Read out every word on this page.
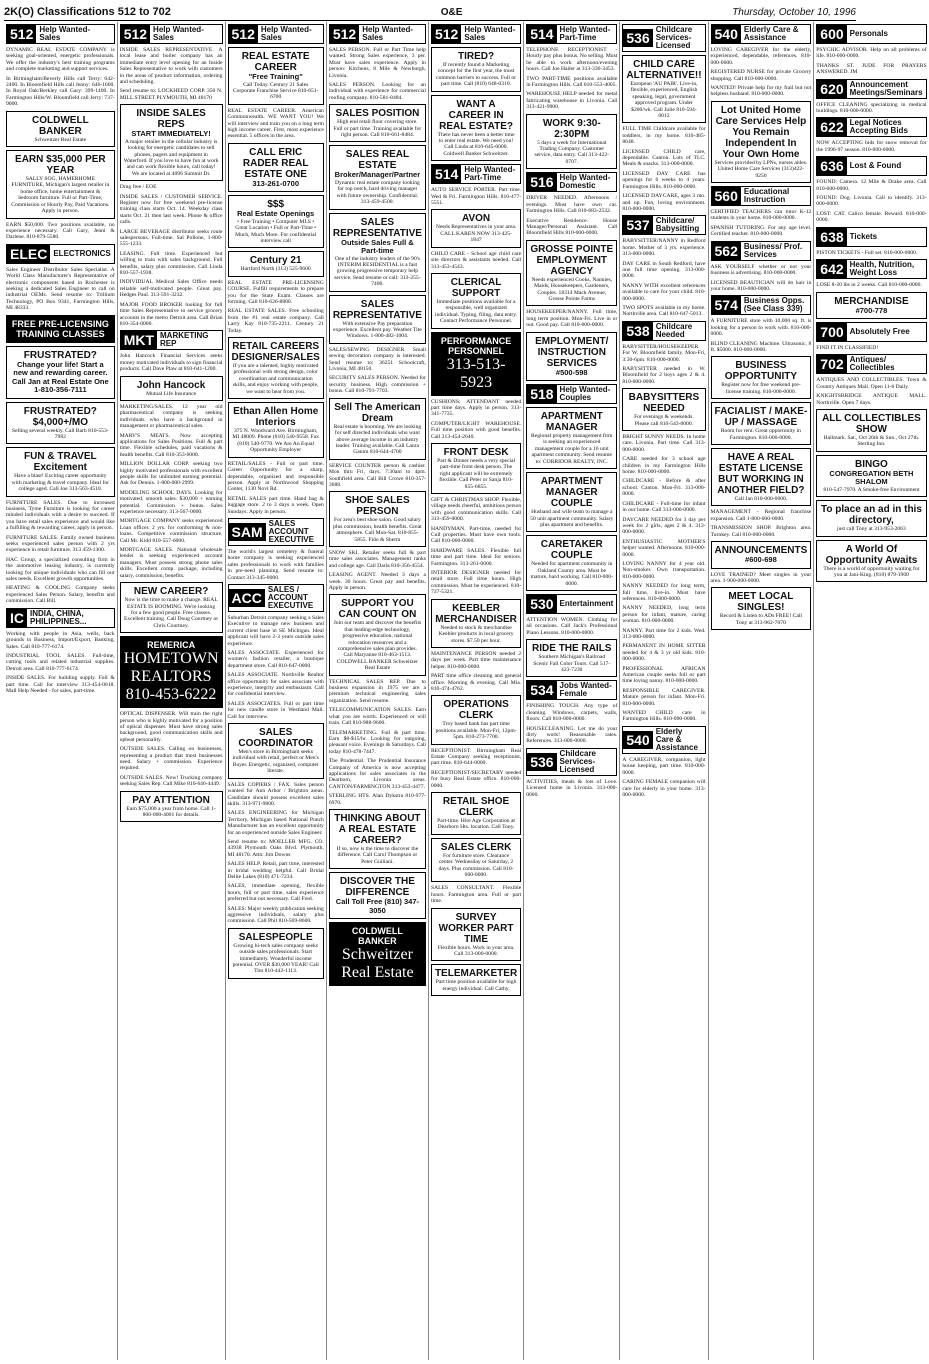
2K(O) Classifications 512 to 702	O&E	Thursday, October 10, 1996
512 Help Wanted-Sales

DYNAMIC REAL ESTATE COMPANY is seeking goal-oriented, energetic professionals. We offer the industry's best training programs and complete marketing and support services.

In Birmingham/Beverly Hills call Terry: 642-2400. In Bloomfield Hills call Jenny: 646-1600. In Royal Oak/Berkley call Gary: 399-1400. In Farmington Hills/W. Bloomfield call Jerry: 737-9000.

COLDWELL BANKER
Schweitzer Real Estate
EARN $35,000 PER YEAR
SALLY SOG, HAMERHOME FURNITURE, Michigan's largest retailer in home office, home entertainment & bedroom furniture. Full or Part-Time, Commission or Hourly Pay, Paid Vacations. Apply in person.

EARN $50,000. Two positions available, no experience necessary. Call Gary, Jenni & Darlene. 810-879-5580.

ELEC ELECTRONICS

Sales Engineer Distributor Sales Specialist. A World Class Manufacturer's Representative of electronic components based in Rochester is seeking a dedicated Sales Engineer to call on industrial OEMs. Send resume to: Trillium Technology, PO Box 9341, Farmington Hills, MI 48333.

FREE PRE-LICENSING TRAINING CLASSES
FRUSTRATED?
Change your life! Start a new and rewarding career. Call Jan at Real Estate One 1-810-356-7111
FRUSTRATED? $4,000+/MO
Selling several weekly. Call Barb 810-553-7982
FUN & TRAVEL Excitement
Have a blast! Exciting career opportunity with marketing & travel company. Ideal for college aged. Call Joe 313-563-4510.

FURNITURE SALES. Due to increased business, Tyme Furniture is looking for career minded individuals with a desire to succeed. If you have retail sales experience and would like a fulfilling & rewarding career, apply in person.

FURNITURE SALES. Family owned business seeks experienced sales person with 2 yrs experience in retail furniture. 313 459-1300.

HAC Group, a specialized consulting firm in the automotive leasing industry, is currently looking for unique individuals who can fill our sales needs. Excellent growth opportunities.

HEATING & COOLING Company seeks experienced Sales Person. Salary, benefits and commission. Call Bill.

IC INDIA, CHINA, PHILIPPINES...

Working with people in Asia, wells, back grounds in Business, Import/Export, Banking, Sales. Call 810-777-6174.

INDUSTRIAL TOOL SALES. Full-time, cutting tools and related industrial supplies. Detroit area. Call 810-777-6174.

INSIDE SALES. For building supply. Full & part time. Call for interview 313-454-0018. Mall Help Needed - for sales, part-time.

512 Help Wanted-Sales

INSIDE SALES REPRESENTATIVE. A local lease and boiler company has an immediate entry level opening for an Inside Sales Representative to work with customers in the areas of product information, ordering and scheduling.

Send resume to: LOCKHEED CORP. 350 N. MILL STREET PLYMOUTH, MI 48170

INSIDE SALES REPS
START IMMEDIATELY!
A major retailer in the cellular industry is looking for energetic candidates to sell phones, pagers and equipment in Waterford. If you love to have fun at work and can work flexible hours, call today! We are located at 4096 Summit Dr.

Drug free / EOE

INSIDE SALES / CUSTOMER SERVICE. Register now for free weekend pre-license training class starts Oct. 14. Weekday class starts Oct. 21 then last week. Phone & office calls.

LARGE BEVERAGE distributor seeks route salespersons. Full-time. Sal Pollone, 1-800-555-1233.

LEASING. Full time. Experienced but willing to train with sales background. Full benefits, salary plus commission. Call Linda 810-557-1938.

INDIVIDUAL Medical Sales Office needs reliable self-motivated people. Great pay. Hedges Paul. 313-591-3232.

MAJOR FOOD BROKER looking for full time Sales Representative to service grocery accounts in the metro Detroit area. Call Brian 810-354-0000.

MKT MARKETING REP

John Hancock Financial Services seeks money motivated individuals to sign financial products. Call Dave Plaw at 810-641-1200.

John Hancock
Mutual Life Insurance

MARKETING/SALES. 12 year old pharmaceutical company is seeking individuals who have a background in management or pharmaceutical sales.

MARV'S MEATS. Now accepting applications for Sales Positions. Full & part time. Flexible schedules, paid vacations & health benefits. Call 810-353-6000.

MILLION DOLLAR CORP. seeking two highly motivated professionals with excellent people skills for unlimited earning potential. Ask for Dennis. 1-800-000-2999.

MODELING SCHOOL DAYS. Looking for motivated, smooth sales. $30,000 + earning potential. Commission + bonus. Sales experience necessary. 313-567-0000.

MORTGAGE COMPANY seeks experienced Loan officer. 2 yrs. for conforming & non-loans. Competitive commission structure. Call Mr. Kidd 810-557-6000.

MORTGAGE SALES. National wholesale lender is seeking experienced account managers. Must possess strong phone sales skills. Excellent comp. package, including salary, commission, benefits.

NEW CAREER?
Now is the time to make a change. REAL ESTATE IS BOOMING. We're looking for a few good people. Free classes. Excellent training. Call Doug Courtney or Chris Courtney.
REMERICA
HOMETOWN REALTORS 810-453-6222

OPTICAL DISPENSER. Will train the right person who is highly motivated for a position of optical dispenser. Must have strong sales background, good communication skills and upbeat personality.

OUTSIDE SALES. Calling on businesses, representing a product that most businesses need. Salary + commission. Experience required.

OUTSIDE SALES. Now! Trucking company seeking Sales Rep. Call Mike 810-646-4449.

PAY ATTENTION
Earn $75,000 a year from home. Call 1-800-000-4001 for details.
512 Help Wanted-Sales
REAL ESTATE CAREER
"Free Training"
Call Today. Century 21 Sales Corporate Franchise Service 810-651-6700

REAL ESTATE CAREER. American Commonwealth. WE WANT YOU! We will interview and train you on a long term high income career. First, most experience essential. 5 offices in the area.

CALL ERIC RADER REAL ESTATE ONE
313-261-0700
$$$
Real Estate Openings
• Free Training • Computer MLS • Great Location • Full or Part-Time • Much, Much More. For confidential interview call
Century 21
Hartford North (313) 525-9600

REAL ESTATE PRE-LICENSING COURSE. Fulfill requirements to prepare you for the State Exam. Classes are forming. Call 810-626-8800.

REAL ESTATE SALES. Free schooling from the #1 real estate company. Call Larry Kay 810-735-2211. Century 21 Today.

RETAIL CAREERS DESIGNER/SALES
If you are a talented, highly motivated professional with strong design, color coordination and communication skills, and enjoy working with people, we want to hear from you.
Ethan Allen Home Interiors
375 N. Woodward Ave. Birmingham, MI 48009. Phone (810) 540-9558. Fax (810) 540-9770. We Are An Equal Opportunity Employer

RETAIL/SALES - Full or part time. Career Opportunity for a sharp, dependable, organized and responsible person. Apply at Northwood Shopping Center, 1130 Novi Rd.

RETAIL SALES part time. Hand bag & luggage store. 2 to 3 days a week. Open Sundays. Apply in person.

SAM
SALES ACCOUNT EXECUTIVE

The world's largest cemetery & funeral home company is seeking experienced sales professionals to work with families in pre-need planning. Send resume to: Contact 313-345-0000.

ACC
SALES / ACCOUNT EXECUTIVE

Suburban Detroit company seeking a Sales Executive to manage new business and current client base in SE Michigan. Ideal applicant will have 2-3 years outside sales experience.

SALES ASSOCIATE. Experienced for women's fashion retailer, a boutique department store. Call 810-647-0000.

SALES ASSOCIATE. Northville Realtor office opportunity for sales associate with experience, integrity and enthusiasm. Call for confidential interview.

SALES ASSOCIATES. Full or part time for new candle store in Westland Mall. Call for interview.

SALES COORDINATOR
Men's store in Birmingham seeks individual with retail, perfect or Men's Buyer. Energetic, organized, computer literate.

SALES COPIERS / FAX. Sales person wanted for Ann Arbor / Brighton areas. Candidate should possess excellent sales skills. 313-971-9800.

SALES ENGINEERING for Michigan Territory. Michigan based National Punch Manufacturer has an excellent opportunity for an experienced outside Sales Engineer.

Send resume to: MOELLER MFG. CO. 43938 Plymouth Oaks Blvd. Plymouth, MI 48170. Attn: Jim Downs

SALES HELP. Retail, part time, interested in bridal wedding helpful. Call Bridal Delite Lakes (810) 471-7234.

SALES, immediate opening, flexible hours, full or part time, sales experience preferred but not necessary. Call Fred.

SALES: Major weekly publication seeking aggressive individuals, salary plus commission. Call Phil 810-569-8600.

SALESPEOPLE
Growing hi-tech sales company seeks outside sales professionals. Start immediately. Wonderful income potential. OVER $30,000 YEAR! Call Tim 810-442-1113.
512 Help Wanted-Sales

SALES PERSON. Full or Part Time help wanted. Strong Sales experience, 3 per. Must have sales experience. Apply in person: Kitchens, 8 Mile & Newburgh, Livonia.

SALES PERSON. Looking for an individual with experience for commercial roofing company. 810-581-8484.

SALES POSITION
High end retail floor covering store. Full or part time. Training available for right person. Call 810-661-8484.
SALES REAL ESTATE
Broker/Manager/Partner
Dynamic real estate company looking for top notch, hard driving manager with future ownership. Confidential. 313-459-4500.
SALES REPRESENTATIVE
Outside Sales Full & Part-time
One of the industry leaders of the 90's INTERIM RESIDENTIAL is a fast growing progressive temporary help service. Send resume or call: 313-255-7400.
SALES REPRESENTATIVE
With extensive Pay preparation experience. Excellent pay. Weather Tite Windows. 1-800-482-1004.

SALES/SEWING DESIGNER. Small sewing decoration company is interested. Send resume to: 36251 Schoolcraft, Livonia, MI 48150.

SECURITY SALES PERSON. Needed for security business. High commission + bonus. Call 810-791-7703.

Sell The American Dream
Real estate is booming. We are looking for self directed individuals who want above average income in an industry leader. Training available. Call Laura Ganim 810-644-4700

SERVICE COUNTER person & cashier. Mon thru Fri, days, 7:30am to 4pm. Southfield area. Call Bill Crowe 810-357-3688.

SHOE SALES PERSON
For area's best shoe salon. Good salary plus commission, health benefits. Great atmosphere. Call Mon-Sat. 810-855-5855. Fido & Sherm

SNOW SKI. Retailer seeks full & part time sales associates. Management ranks and college age. Call Darla 810-356-4554.

LEASING AGENT. Needed 3 days a week. 30 hours. Great pay and benefits. Apply in person.

SUPPORT YOU CAN COUNT ON
Join our team and discover the benefits that leading-edge technology, progressive education, national relocation resources and a comprehensive sales plan provides. Call Maryanne 810-463-1513. COLDWELL BANKER Schweitzer Real Estate

TECHNICAL SALES REP. Due to business expansion in 1975 we are a premium technical engineering sales organization. Send resume.

TELECOMMUNICATION SALES. Earn what you are worth. Experienced or will train. Call 810-988-9600.

TELEMARKETING. Full & part time. Earn $8-$15/hr. Looking for outgoing, pleasant voice. Evenings & Saturdays. Call today 810-478-7447.

The Prudential. The Prudential Insurance Company of America is now accepting applications for sales associates in the Dearborn, Livonia areas. CANTON/FARMINGTON 313-453-4477.

STERLING HTS. Alan Dykstra 810-977-6970.

THINKING ABOUT A REAL ESTATE CAREER?
If so, now is the time to discover the difference. Call Carol Thompson or Peter Guiliani.
DISCOVER THE DIFFERENCE
Call Toll Free (810) 347-3050
COLDWELL BANKER
Schweitzer Real Estate
512 Help Wanted-Sales
TIRED?
If recently found a Marketing concept for the first year, the most common barriers to success. Full or part time. Call (810) 648-0310.
WANT A CAREER IN REAL ESTATE?
There has never been a better time to enter real estate. We need you! Call Linda at 810-645-0000. Coldwell Banker Schweitzer.
514 Help Wanted-Part-Time

AUTO SERVICE PORTER. Part time. Wed & Fri. Farmington Hills. 810-477-5551.

AVON
Needs Representatives in your area. CALL KAREN NOW 313-425-1847

CHILD CARE - School age child care site directors & assistants needed. Call 313-453-4543.

CLERICAL SUPPORT
Immediate positions available for a responsible, well organized individual. Typing, filing, data entry. Contact Performance Personnel.
PERFORMANCE PERSONNEL
313-513-5923

CUSHIONS: ATTENDANT needed part time days. Apply in person. 313-341-7735.

COMPUTER/LIGHT WAREHOUSE. Full time position with good benefits. Call 313-454-2640.

FRONT DESK
Part & Dinner needs a very special part-time front desk person. The right applicant will be extremely flexible. Call Peter or Sanja 810-855-6855.

GIFT & CHRISTMAS SHOP. Flexible, village needs cheerful, ambitious person with good communication skills. Call 313-459-0000.

HANDYMAN. Part-time, needed for Cull properties. Must have own tools. Call 810-000-0000.

HARDWARE SALES. Flexible full time and part time. Ideal for seniors. Farmington. 313-261-0000.

INTERIOR DESIGNER needed for retail store. Full time hours. High commission. Must be experienced. 810-737-5321.

KEEBLER MERCHANDISER
Needed to stock & merchandise Keebler products in local grocery stores. $7.50 per hour.

MAINTENANCE PERSON needed 2 days per week. Part time maintenance helper. 810-000-0000.

PART time office cleaning and general office. Morning & evening. Call Mia. 810-474-4762.

OPERATIONS CLERK
Troy based bank has part time positions available. Mon-Fri, 12pm-5pm. 810-273-7700.

RECEPTIONIST. Birmingham Real Estate Company seeking receptionist, part time. 810-644-0000.

RECEPTIONIST/SECRETARY needed for busy Real Estate office. 810-000-0000.

RETAIL SHOE CLERK
Part-time. Hire Age Corporation at Dearborn Hts. location. Call Tony.
SALES CLERK
For furniture store. Clearance center. Wednesday or Saturday, 2 days. Plus commission. Call 810-000-0000.

SALES CONSULTANT. Flexible hours. Farmington area. Full or part time.

SURVEY WORKER PART TIME
Flexible hours. Work in your area. Call 313-000-0000.
TELEMARKETER
Part time position available for high energy individual. Call Cathy.
514 Help Wanted-Part-Time

TELEPHONE RECEPTIONIST - Hourly pay plus bonus. No selling. Must be able to work afternoon/evening hours. Call Joe Hailer at 313-336-3453.

TWO PART-TIME positions available in Farmington Hills. Call 810-553-4005.

WAREHOUSE HELP needed for metal fabricating warehouse in Livonia. Call 313-421-9900.

WORK 9:30-2:30PM
5 days a week for International Trading Company. Customer service, data entry. Call 313-422-0707.
516 Help Wanted-Domestic

DRIVER NEEDED. Afternoons / evenings. Must have own car. Farmington Hills. Call 810-683-2532.

Executive Residence. House Manager/Personal Assistant. Call Bloomfield Hills 810-000-0000.

GROSSE POINTE EMPLOYMENT AGENCY
Needs experienced Cooks, Nannies, Maids, Housekeepers, Gardeners, Couples. 18314 Mack Avenue, Grosse Pointe Farms

HOUSEKEEPER/NANNY. Full time, long term position. Mon-Fri. Live in or out. Good pay. Call 810-000-0000.

EMPLOYMENT/ INSTRUCTION SERVICES
#500-598
518 Help Wanted-Couples
APARTMENT MANAGER
Regional property management firm is seeking an experienced management couple for a 16 unit apartment community. Send resume to: CORRIDOR REALTY, INC.
APARTMENT MANAGER COUPLE
Husband and wife team to manage a 50 unit apartment community. Salary plus apartment and benefits.
CARETAKER COUPLE
Needed for apartment community in Oakland County area. Must be mature, hard working. Call 810-000-0000.
530 Entertainment

ATTENTION WOMEN. Clothing for all occasions. Call Jack's Professional Piano Lessons. 810-000-0000.

RIDE THE RAILS
Southern Michigan's Railroad Scenic Fall Color Tours. Call 517-423-7230
534 Jobs Wanted-Female

FINISHING TOUCH. Any type of cleaning. Windows, carpets, walls, floors. Call 810-000-0000.

HOUSECLEANING. Let me do your dirty work! Reasonable rates. References. 313-000-0000.

536
Childcare Services-Licensed

ACTIVITIES, meals & lots of Love. Licensed home in Livonia. 313-000-0000.

536
Childcare Services-Licensed
CHILD CARE ALTERNATIVE!!
European 'AU PAIR'. Live-in, flexible, experienced, English speaking, legal, government approved program. Under $200/wk. Call Julie 810-594-0012

FULL TIME Childcare available for toddlers, in my home. 810-485-8648.

LICENSED CHILD care, dependable. Canton. Lots of TLC. Meals & snacks. 313-000-0000.

LICENSED DAY CARE has openings for 6 weeks to 4 years. Farmington Hills. 810-000-0000.

LICENSED DAYCARE, ages 3 mo. and up. Fun, loving environment. 810-000-0000.

537 Childcare/ Babysitting

BABYSITTER/NANNY in Redford home. Mother of 3 yrs. experience. 313-000-0000.

DAY CARE in South Redford, have one full time opening. 313-000-0000.

NANNY WITH excellent references available to care for your child. 810-000-0000.

TWO SPOTS available in my home. Northville area. Call 810-647-5013.

538 Childcare Needed

BABYSITTER/HOUSEKEEPER. For W. Bloomfield family. Mon-Fri, 3:30-6pm. 810-000-0000.

BABYSITTER needed in W. Bloomfield for 2 boys ages 2 & 4. 810-000-0000.

BABYSITTERS NEEDED
For evenings & weekends. Please call 810-543-0000.

BRIGHT SUNNY NEEDS. In home care. Livonia. Part time. Call 313-000-0000.

CARE needed for 3 school age children in my Farmington Hills home. 810-000-0000.

CHILDCARE - Before & after school. Canton. Mon-Fri. 313-000-0000.

CHILDCARE - Full-time for infant in our home. Call 313-000-0000.

DAYCARE NEEDED for 3 day per week for 2 girls, ages 2 & 4. 313-000-0000.

ENTHUSIASTIC MOTHER'S helper wanted. Afternoons. 810-000-0000.

LOVING NANNY for 4 year old. Non-smoker. Own transportation. 810-000-0000.

NANNY NEEDED for long term, full time, live-in. Must have references. 810-000-0000.

NANNY NEEDED, long term person for infant, mature, caring woman. 810-000-0000.

NANNY. Part time for 2 kids. Wed. 313-000-0000.

PERMANENT IN HOME SITTER needed for 4 & 3 yr old kids. 810-000-0000.

PROFESSIONAL AFRICAN American couple seeks full or part time loving nanny. 810-000-0000.

RESPONSIBLE CAREGIVER. Mature person for infant. Mon-Fri. 810-000-0000.

WANTED CHILD care in Farmington Hills. 810-000-0000.

540
Elderly Care & Assistance

A CAREGIVER, companion, light house keeping, part time. 810-000-0000.

CARING FEMALE companion will care for elderly in your home. 313-000-0000.

540 Elderly Care & Assistance

LOVING CAREGIVER for the elderly, experienced, dependable, references. 810-000-0000.

REGISTERED NURSE for private Grocery shopping. Call 810-000-0000.

WANTED! Private help for my frail but not helpless husband. 810-000-0000.

Lot United Home Care Services Help You Remain Independent In Your Own Home
Services provided by LPNs, nurses aides. United Home Care Services (313)422-9250
560 Educational Instruction

CERTIFIED TEACHERS can tutor K-12 students in your home. 810-000-0000.

SPANISH TUTORING. For any age level. Certified teacher. 810-000-0000.

562 Business/ Prof. Services

ASK YOURSELF whether or not your business is advertising. 810-000-0000.

LICENSED BEAUTICIAN will do hair in your home. 810-000-0000.

574 Business Opps. (See Class 339)

A FURNITURE store with 10,000 sq. ft. is looking for a person to work with. 810-000-0000.

BLIND CLEANING Machine. Ultrasonic, 8 ft. $5000. 810-000-0000.

BUSINESS OPPORTUNITY
Register now for free weekend pre-license training. 810-000-0000.
FACIALIST / MAKE-UP / MASSAGE
Room for rent. Great opportunity in Farmington. 810-000-0000.
HAVE A REAL ESTATE LICENSE BUT WORKING IN ANOTHER FIELD?
Call Jan 810-000-0000.

MANAGEMENT - Regional franchise expansion. Call 1-800-000-0000.

TRANSMISSION SHOP. Brighton area. Turnkey. Call 810-000-0000.

ANNOUNCEMENTS
#600-698

LOVE TRAINED? Meet singles in your area. 1-900-000-0000.

MEET LOCAL SINGLES!
Record & Listen to ADs FREE! Call Tony at 313-962-7070
600 Personals

PSYCHIC ADVISOR. Help on all problems of life. 810-000-0000.

THANKS ST. JUDE FOR PRAYERS ANSWERED. JM

620 Announcement Meetings/Seminars

OFFICE CLEANING specializing in medical buildings. 810-000-0000.

622 Legal Notices Accepting Bids

NOW ACCEPTING bids for snow removal for the 1996-97 season. 810-000-0000.

636 Lost & Found

FOUND: Camera. 12 Mile & Drake area. Call 810-000-0000.

FOUND: Dog. Livonia. Call to identify. 313-000-0000.

LOST: CAT. Calico female. Reward. 810-000-0000.

638 Tickets

PISTON TICKETS - Full set. 810-000-0000.

642 Health, Nutrition, Weight Loss

LOSE 8-20 lbs in 2 weeks. Call 810-000-0000.

MERCHANDISE
#700-778
700 Absolutely Free

FIND IT IN CLASSIFIED!

702 Antiques/ Collectibles

ANTIQUES AND COLLECTIBLES. Town & Country Antiques Mall. Open 11-6 Daily.

KNIGHTSBRIDGE ANTIQUE MALL. Northville. Open 7 days.

ALL COLLECTIBLES SHOW
Hallmark. Sat., Oct 26th & Sun., Oct 27th. Sterling Inn.
BINGO
CONGREGATION BETH SHALOM
810-547-7970. A Smoke-free Environment
To place an ad in this directory,
just call Tony at 313-953-2063
A World Of Opportunity Awaits
There is a world of opportunity waiting for you at Jani-King. (810) 879-1900
